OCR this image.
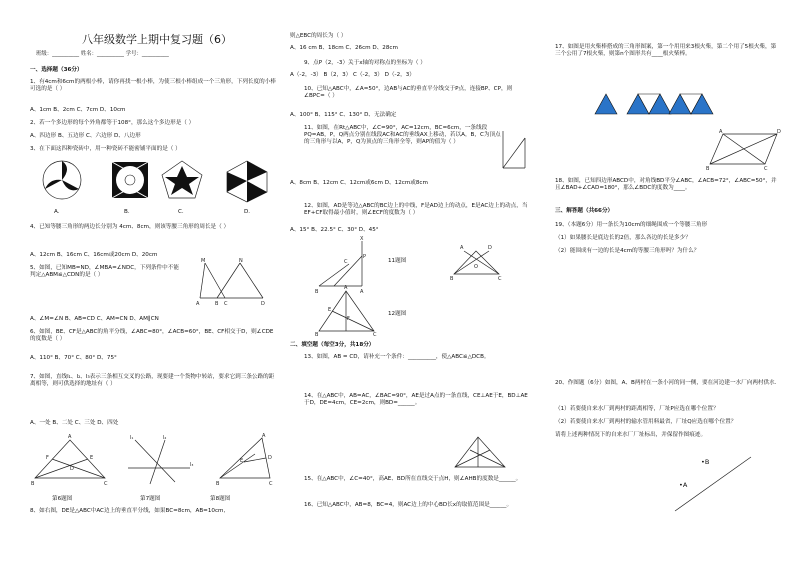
八年级数学上期中复习题（6）
班级：__________ 姓名：__________ 学号：__________
一、选择题（36分）
1、有4cm和6cm的两根小棒，请你再找一根小棒，为使三根小棒组成一个三角形，下列长度的小棒可选的是（ ）
A、1cm B、2cm C、7cm D、10cm
2、若一个多边形的每个外角都等于108°，那么这个多边形是（ ）
A、四边形 B、五边形 C、六边形 D、八边形
3、在下面这四种瓷砖中，用一种瓷砖不能密铺平面的是（ ）
A.	B.	C.	D.
4、已知等腰三角形的两边长分别为 4cm、8cm，则该等腰三角形的周长是（ ）
A、12cm B、16cm C、16cm或20cm D、20cm
5、如图，已知MB=ND，∠MBA=∠NDC，下列条件中不能判定△ABM≌△CDN的是（ ）
M	N
A	B C	D
A、∠M=∠N B、AB=CD C、AM=CN D、AM∥CN
6、如图，BE、CF是△ABC的角平分线，∠ABC=80°，∠ACB=60°，BE、CF相交于D，则∠CDE的度数是（ ）
A、110° B、70° C、80° D、75°
7、如图，直线l₁、l₂、l₃表示三条相互交叉的公路，现要建一个货物中转站，要求它到三条公路的距离相等，则可供选择的地址有（ ）
A、一处 B、二处 C、三处 D、四处
A
B	C
D
F	E
l₁	l₂
l₃
A
B	C
E	D
第6题图	第7题图	第8题图
8、如右图，DE是△ABC中AC边上的垂直平分线，如果BC=8cm，AB=10cm,
则△EBC的周长为（ ）
A、16 cm B、18cm C、26cm D、28cm
9、点P（2，-3）关于x轴的对称点的坐标为（ ）
A（-2，-3） B（2，3） C（-2，3） D（-2，3）
10、已知△ABC中，∠A=50°，边AB与AC的垂直平分线交于P点，连接BP、CP，则∠BPC=（ ）
A、100° B、115° C、130° D、无法确定
11、如图，在Rt△ABC中，∠C=90°，AC=12cm，BC=6cm，一条线段PQ=AB，P，Q两点分别在线段AC和AC的垂线AX上移动，若以A，B，C为顶点的三角形与以A，P，Q为顶点的三角形全等，则AP的值为（ ）
A、8cm B、12cm C、12cm或6cm D、12cm或8cm
12、如图，AD是等边△ABC的BC边上的中线，F是AD边上的动点，E是AC边上的动点，当EF+CF取得最小值时，则∠ECF的度数为（ ）
A、15° B、22.5° C、30° D、45°
X
B	A
C
P
A
B	C
E
F
A	D
B	C
O
11题图
12题图
二、填空题（每空3分，共18分）
13、如图，AB = CD，请补充一个条件：__________，使△ABC≌△DCB。
14、在△ABC中，AB=AC，∠BAC=90°，AE是过A点的一条直线，CE⊥AE于E，BD⊥AE于D，DE=4cm，CE=2cm，则BD=______。
15、在△ABC中，∠C=40°，高AE、BD所在直线交于点H，则∠AHB的度数是______。
16、已知△ABC中，AB=8，BC=4，则AC边上的中心BD长x的取值范围是______。
17、如图是用火柴棒搭成的三角形图案，第一个用用来3根火柴，第二个用了5根火柴，第三个公用了7根火柴，则第n个图形共有____根火柴棒。
A	D
B	C
18、如图，已知四边形ABCD中，对角线BD平分∠ABC，∠ACB=72°，∠ABC=50°，并且∠BAD+∠CAD=180°，那么∠BDC的度数为____。
三、解答题（共66分）
19、（本题6分）用一条长为10cm的细绳围成一个等腰三角形
（1）如果腰长是底边长的2倍，那么各边的长是多少？
（2）能围成有一边的长是4cm的等腰三角形吗？为什么？
20、作图题（6分）如图，A、B两村在一条小河的同一侧，要在河边建一水厂向两村供水.
（1）若要使自来水厂到两村的距离相等，厂址P应选在哪个位置？
（2）若要使自来水厂到两村的输水管用料最省，厂址Q应选在哪个位置？
请将上述两种情况下的自来水厂厂址标出，并保留作图痕迹。
•B
•A
